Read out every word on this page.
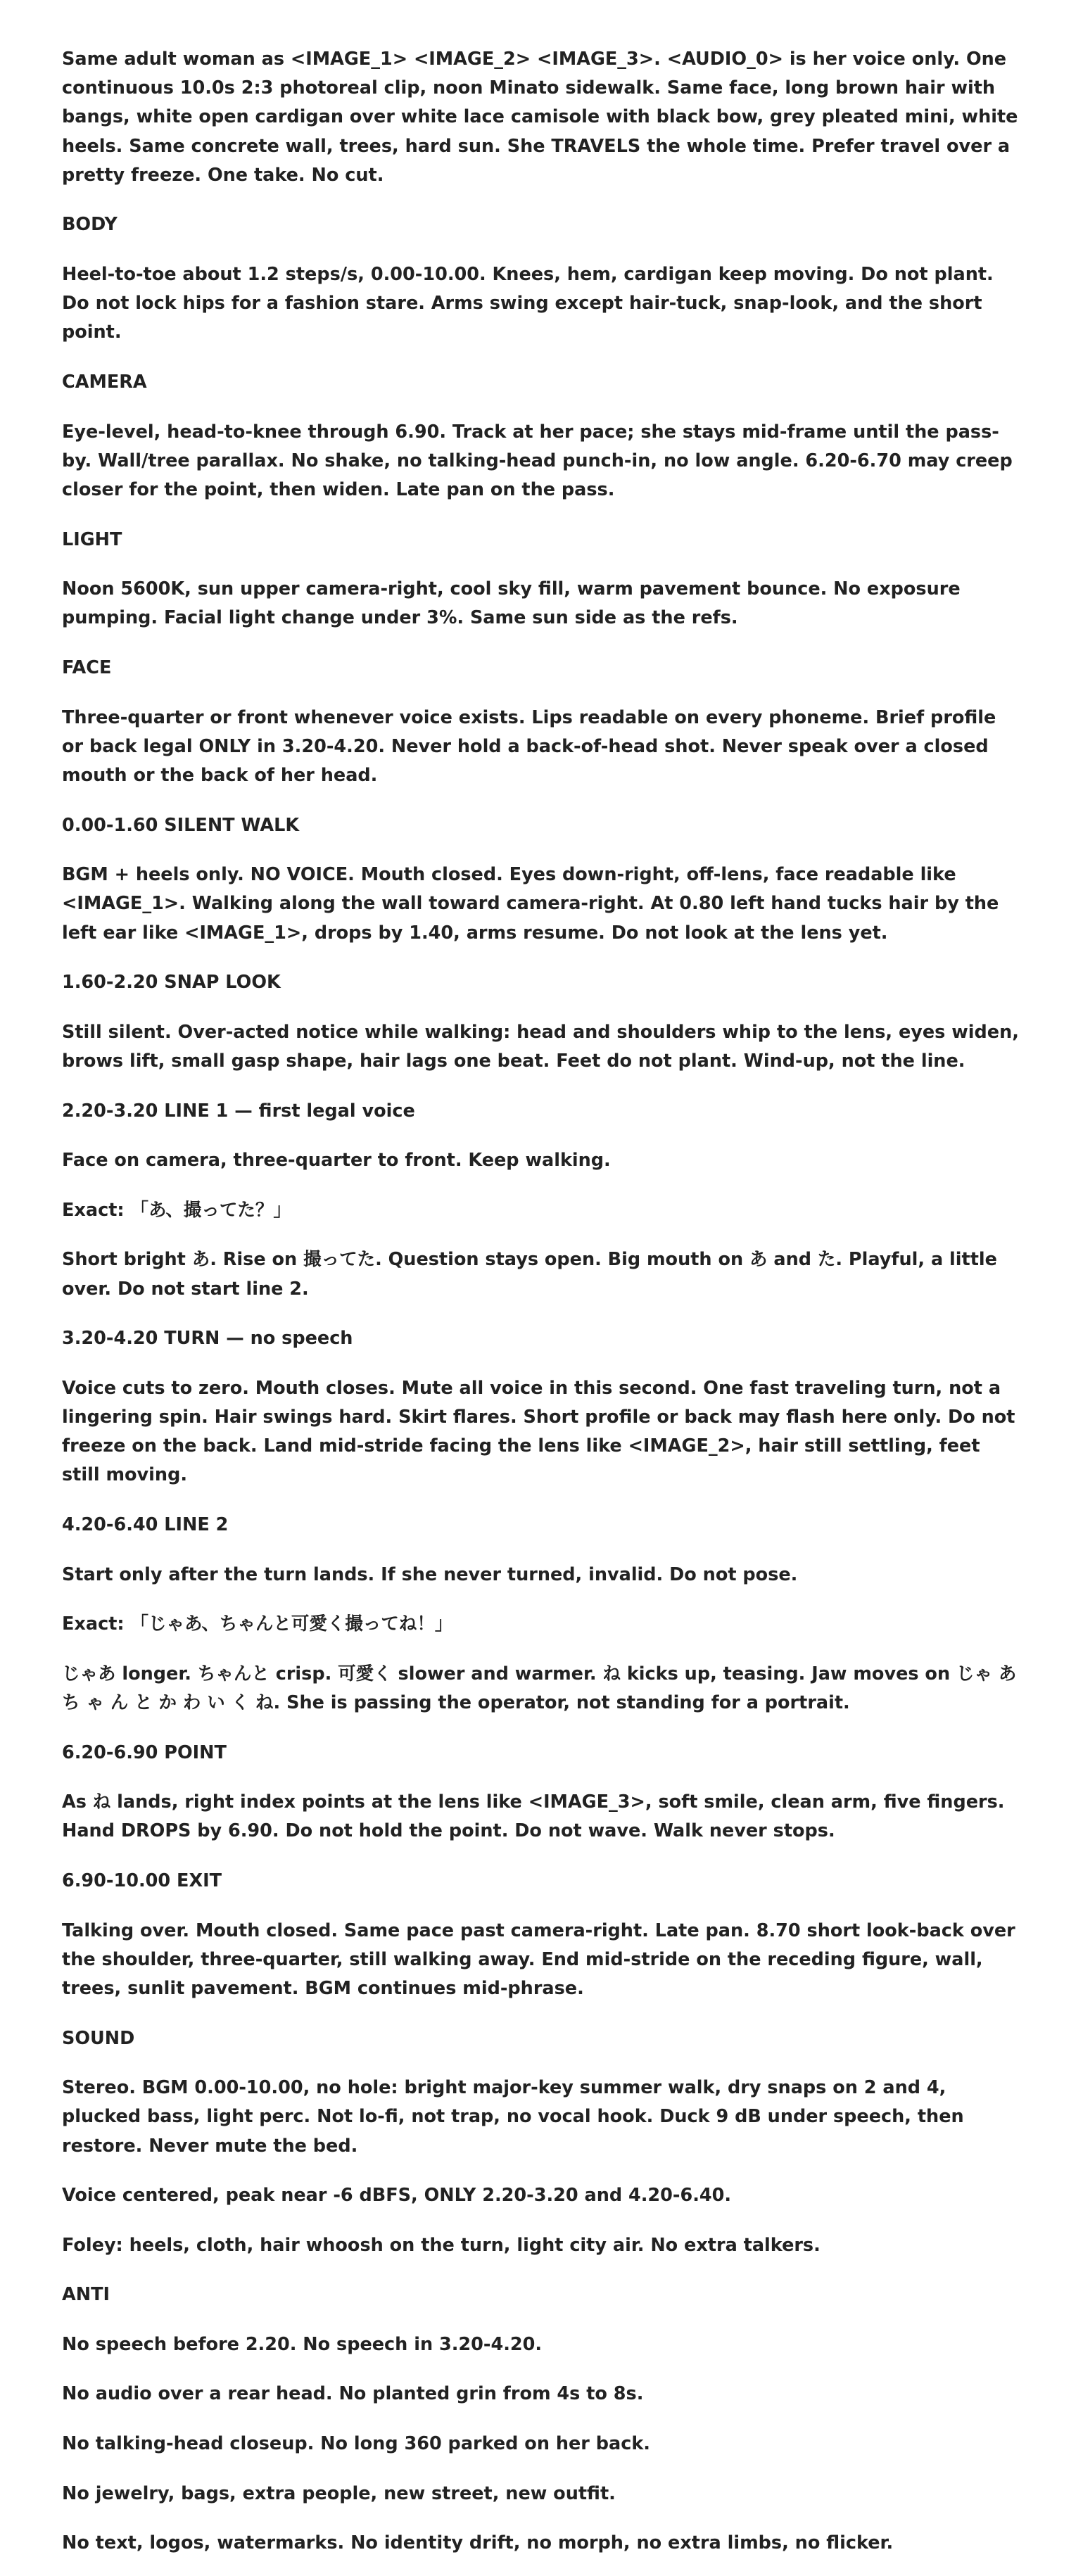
Same adult woman as <IMAGE_1> <IMAGE_2> <IMAGE_3>. <AUDIO_0> is her voice only. One continuous 10.0s 2:3 photoreal clip, noon Minato sidewalk. Same face, long brown hair with bangs, white open cardigan over white lace camisole with black bow, grey pleated mini, white heels. Same concrete wall, trees, hard sun. She TRAVELS the whole time. Prefer travel over a pretty freeze. One take. No cut.

BODY

Heel-to-toe about 1.2 steps/s, 0.00-10.00. Knees, hem, cardigan keep moving. Do not plant. Do not lock hips for a fashion stare. Arms swing except hair-tuck, snap-look, and the short point.

CAMERA

Eye-level, head-to-knee through 6.90. Track at her pace; she stays mid-frame until the pass-by. Wall/tree parallax. No shake, no talking-head punch-in, no low angle. 6.20-6.70 may creep closer for the point, then widen. Late pan on the pass.

LIGHT

Noon 5600K, sun upper camera-right, cool sky fill, warm pavement bounce. No exposure pumping. Facial light change under 3%. Same sun side as the refs.

FACE

Three-quarter or front whenever voice exists. Lips readable on every phoneme. Brief profile or back legal ONLY in 3.20-4.20. Never hold a back-of-head shot. Never speak over a closed mouth or the back of her head.

0.00-1.60 SILENT WALK

BGM + heels only. NO VOICE. Mouth closed. Eyes down-right, off-lens, face readable like <IMAGE_1>. Walking along the wall toward camera-right. At 0.80 left hand tucks hair by the left ear like <IMAGE_1>, drops by 1.40, arms resume. Do not look at the lens yet.

1.60-2.20 SNAP LOOK

Still silent. Over-acted notice while walking: head and shoulders whip to the lens, eyes widen, brows lift, small gasp shape, hair lags one beat. Feet do not plant. Wind-up, not the line.

2.20-3.20 LINE 1 — first legal voice

Face on camera, three-quarter to front. Keep walking.

Exact: 「あ、撮ってた？」

Short bright あ. Rise on 撮ってた. Question stays open. Big mouth on あ and た. Playful, a little over. Do not start line 2.

3.20-4.20 TURN — no speech

Voice cuts to zero. Mouth closes. Mute all voice in this second. One fast traveling turn, not a lingering spin. Hair swings hard. Skirt flares. Short profile or back may flash here only. Do not freeze on the back. Land mid-stride facing the lens like <IMAGE_2>, hair still settling, feet still moving.

4.20-6.40 LINE 2

Start only after the turn lands. If she never turned, invalid. Do not pose.

Exact: 「じゃあ、ちゃんと可愛く撮ってね！」

じゃあ longer. ちゃんと crisp. 可愛く slower and warmer. ね kicks up, teasing. Jaw moves on じゃ あ ち ゃ ん と か わ い く ね. She is passing the operator, not standing for a portrait.

6.20-6.90 POINT

As ね lands, right index points at the lens like <IMAGE_3>, soft smile, clean arm, five fingers. Hand DROPS by 6.90. Do not hold the point. Do not wave. Walk never stops.

6.90-10.00 EXIT

Talking over. Mouth closed. Same pace past camera-right. Late pan. 8.70 short look-back over the shoulder, three-quarter, still walking away. End mid-stride on the receding figure, wall, trees, sunlit pavement. BGM continues mid-phrase.

SOUND

Stereo. BGM 0.00-10.00, no hole: bright major-key summer walk, dry snaps on 2 and 4, plucked bass, light perc. Not lo-fi, not trap, no vocal hook. Duck 9 dB under speech, then restore. Never mute the bed.

Voice centered, peak near -6 dBFS, ONLY 2.20-3.20 and 4.20-6.40.

Foley: heels, cloth, hair whoosh on the turn, light city air. No extra talkers.

ANTI

No speech before 2.20. No speech in 3.20-4.20.

No audio over a rear head. No planted grin from 4s to 8s.

No talking-head closeup. No long 360 parked on her back.

No jewelry, bags, extra people, new street, new outfit.

No text, logos, watermarks. No identity drift, no morph, no extra limbs, no flicker.
